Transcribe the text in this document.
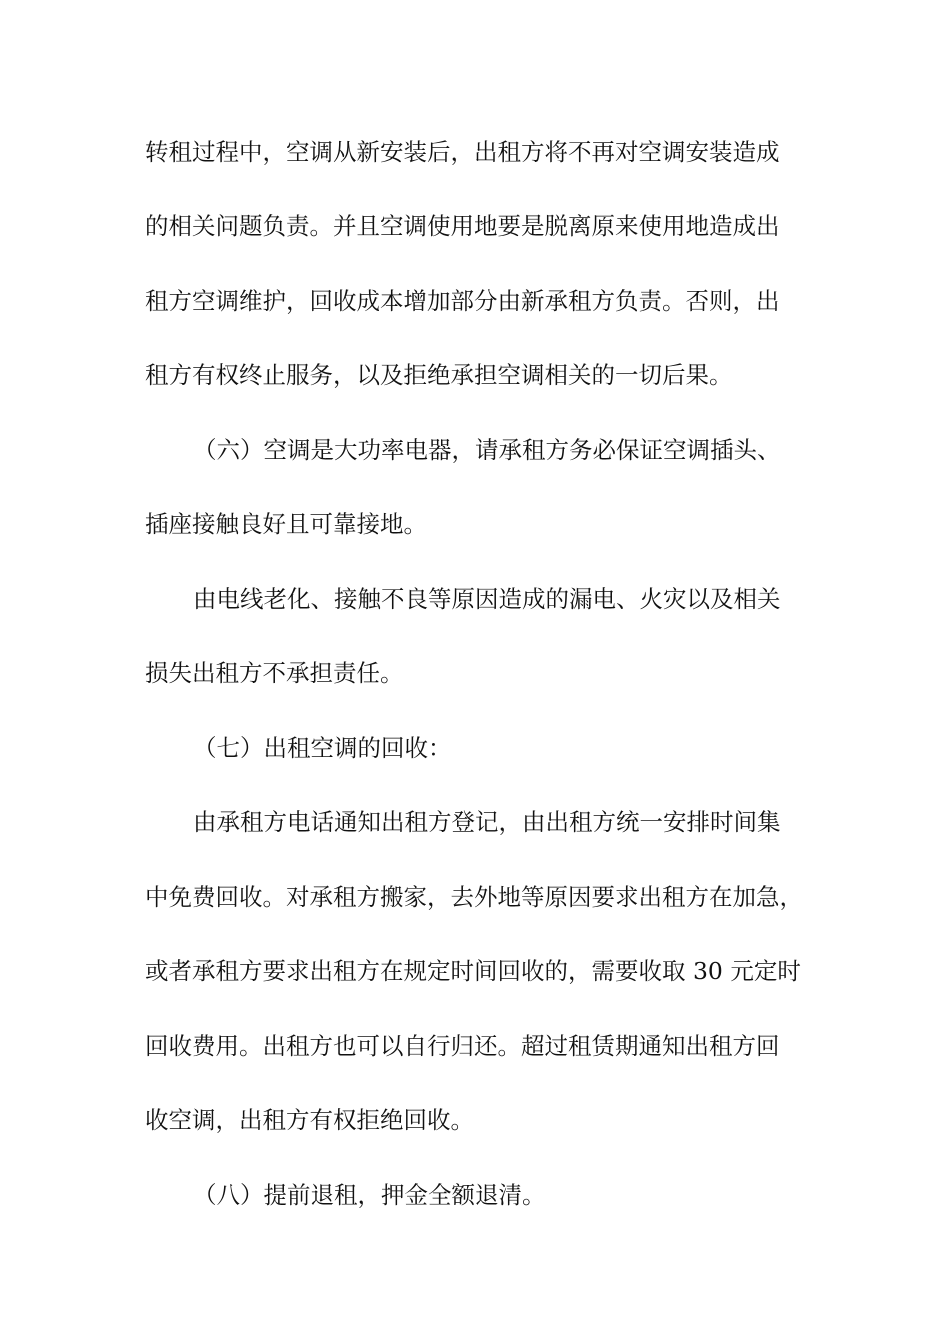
转租过程中，空调从新安装后，出租方将不再对空调安装造成
的相关问题负责。并且空调使用地要是脱离原来使用地造成出
租方空调维护，回收成本增加部分由新承租方负责。否则，出
租方有权终止服务，以及拒绝承担空调相关的一切后果。
（六）空调是大功率电器，请承租方务必保证空调插头、
插座接触良好且可靠接地。
由电线老化、接触不良等原因造成的漏电、火灾以及相关
损失出租方不承担责任。
（七）出租空调的回收：
由承租方电话通知出租方登记，由出租方统一安排时间集
中免费回收。对承租方搬家，去外地等原因要求出租方在加急，
或者承租方要求出租方在规定时间回收的，需要收取 30 元定时
回收费用。出租方也可以自行归还。超过租赁期通知出租方回
收空调，出租方有权拒绝回收。
（八）提前退租，押金全额退清。
